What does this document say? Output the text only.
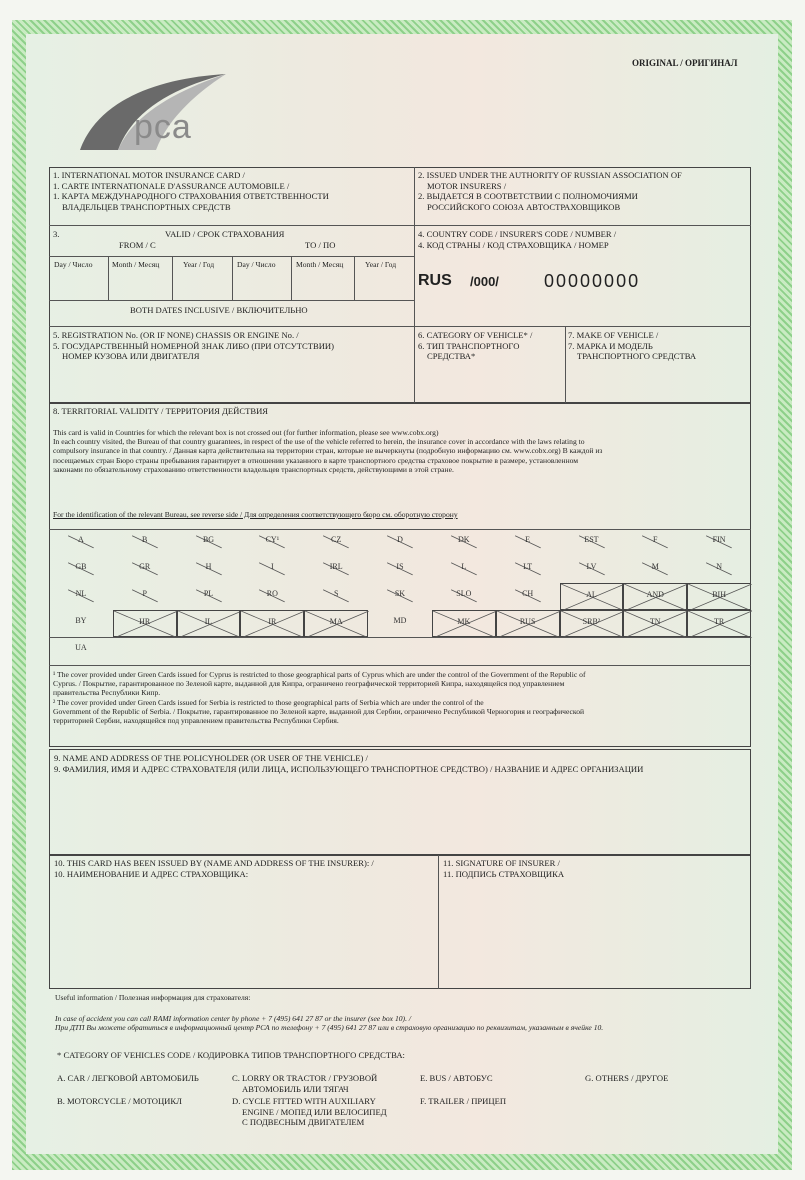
ORIGINAL / ОРИГИНАЛ
pca
1. INTERNATIONAL MOTOR INSURANCE CARD /
1. CARTE INTERNATIONALE D'ASSURANCE AUTOMOBILE /
1. КАРТА МЕЖДУНАРОДНОГО СТРАХОВАНИЯ ОТВЕТСТВЕННОСТИ
ВЛАДЕЛЬЦЕВ ТРАНСПОРТНЫХ СРЕДСТВ
2. ISSUED UNDER THE AUTHORITY OF RUSSIAN ASSOCIATION OF
MOTOR INSURERS /
2. ВЫДАЕТСЯ В СООТВЕТСТВИИ С ПОЛНОМОЧИЯМИ
РОССИЙСКОГО СОЮЗА АВТОСТРАХОВЩИКОВ
3.	VALID / СРОК СТРАХОВАНИЯ
FROM / С	TO / ПО
Day / Число	Month / Месяц	Year / Год	Day / Число	Month / Месяц	Year / Год
BOTH DATES INCLUSIVE / ВКЛЮЧИТЕЛЬНО
4. COUNTRY CODE / INSURER'S CODE / NUMBER /
4. КОД СТРАНЫ / КОД СТРАХОВЩИКА / НОМЕР
RUS /000/	00000000
5. REGISTRATION No. (OR IF NONE) CHASSIS OR ENGINE No. /
5. ГОСУДАРСТВЕННЫЙ НОМЕРНОЙ ЗНАК ЛИБО (ПРИ ОТСУТСТВИИ)
НОМЕР КУЗОВА ИЛИ ДВИГАТЕЛЯ
6. CATEGORY OF VEHICLE* /
6. ТИП ТРАНСПОРТНОГО
СРЕДСТВА*
7. MAKE OF VEHICLE /
7. МАРКА И МОДЕЛЬ
ТРАНСПОРТНОГО СРЕДСТВА
8. TERRITORIAL VALIDITY / ТЕРРИТОРИЯ ДЕЙСТВИЯ
This card is valid in Countries for which the relevant box is not crossed out (for further information, please see www.cobx.org)
In each country visited, the Bureau of that country guarantees, in respect of the use of the vehicle referred to herein, the insurance cover in accordance with the laws relating to
compulsory insurance in that country. / Данная карта действительна на территории стран, которые не вычеркнуты (подробную информацию см. www.cobx.org) В каждой из
посещаемых стран Бюро страны пребывания гарантирует в отношении указанного в карте транспортного средства страховое покрытие в размере, установленном
законами по обязательному страхованию ответственности владельцев транспортных средств, действующими в этой стране.
For the identification of the relevant Bureau, see reverse side / Для определения соответствующего бюро см. оборотную сторону
A	B	BG	CY¹	CZ	D	DK	E	EST	F	FIN
GB	GR	H	I	IRL	IS	L	LT	LV	M	N
NL	P	PL	RO	S	SK	SLO	CH	AL	AND	BIH
BY	HR	IL	IR	MA	MD	MK	RUS	SRB²	TN	TR
UA
¹ The cover provided under Green Cards issued for Cyprus is restricted to those geographical parts of Cyprus which are under the control of the Government of the Republic of
Cyprus. / Покрытие, гарантированное по Зеленой карте, выданной для Кипра, ограничено географической территорией Кипра, находящейся под управлением
правительства Республики Кипр.
² The cover provided under Green Cards issued for Serbia is restricted to those geographical parts of Serbia which are under the control of the
Government of the Republic of Serbia. / Покрытие, гарантированное по Зеленой карте, выданной для Сербии, ограничено Республикой Черногория и географической
территорией Сербии, находящейся под управлением правительства Республики Сербия.
9. NAME AND ADDRESS OF THE POLICYHOLDER (OR USER OF THE VEHICLE) /
9. ФАМИЛИЯ, ИМЯ И АДРЕС СТРАХОВАТЕЛЯ (ИЛИ ЛИЦА, ИСПОЛЬЗУЮЩЕГО ТРАНСПОРТНОЕ СРЕДСТВО) / НАЗВАНИЕ И АДРЕС ОРГАНИЗАЦИИ
10. THIS CARD HAS BEEN ISSUED BY (NAME AND ADDRESS OF THE INSURER): /
10. НАИМЕНОВАНИЕ И АДРЕС СТРАХОВЩИКА:
11. SIGNATURE OF INSURER /
11. ПОДПИСЬ СТРАХОВЩИКА
Useful information / Полезная информация для страхователя:
In case of accident you can call RAMI information center by phone + 7 (495) 641 27 87 or the insurer (see box 10). /
При ДТП Вы можете обратиться в информационный центр РСА по телефону + 7 (495) 641 27 87 или в страховую организацию по реквизитам, указанным в ячейке 10.
* CATEGORY OF VEHICLES CODE / КОДИРОВКА ТИПОВ ТРАНСПОРТНОГО СРЕДСТВА:
A. CAR / ЛЕГКОВОЙ АВТОМОБИЛЬ
B. MOTORCYCLE / МОТОЦИКЛ
C. LORRY OR TRACTOR / ГРУЗОВОЙ
АВТОМОБИЛЬ ИЛИ ТЯГАЧ
D. CYCLE FITTED WITH AUXILIARY
ENGINE / МОПЕД ИЛИ ВЕЛОСИПЕД
С ПОДВЕСНЫМ ДВИГАТЕЛЕМ
E. BUS / АВТОБУС
F. TRAILER / ПРИЦЕП
G. OTHERS / ДРУГОЕ
